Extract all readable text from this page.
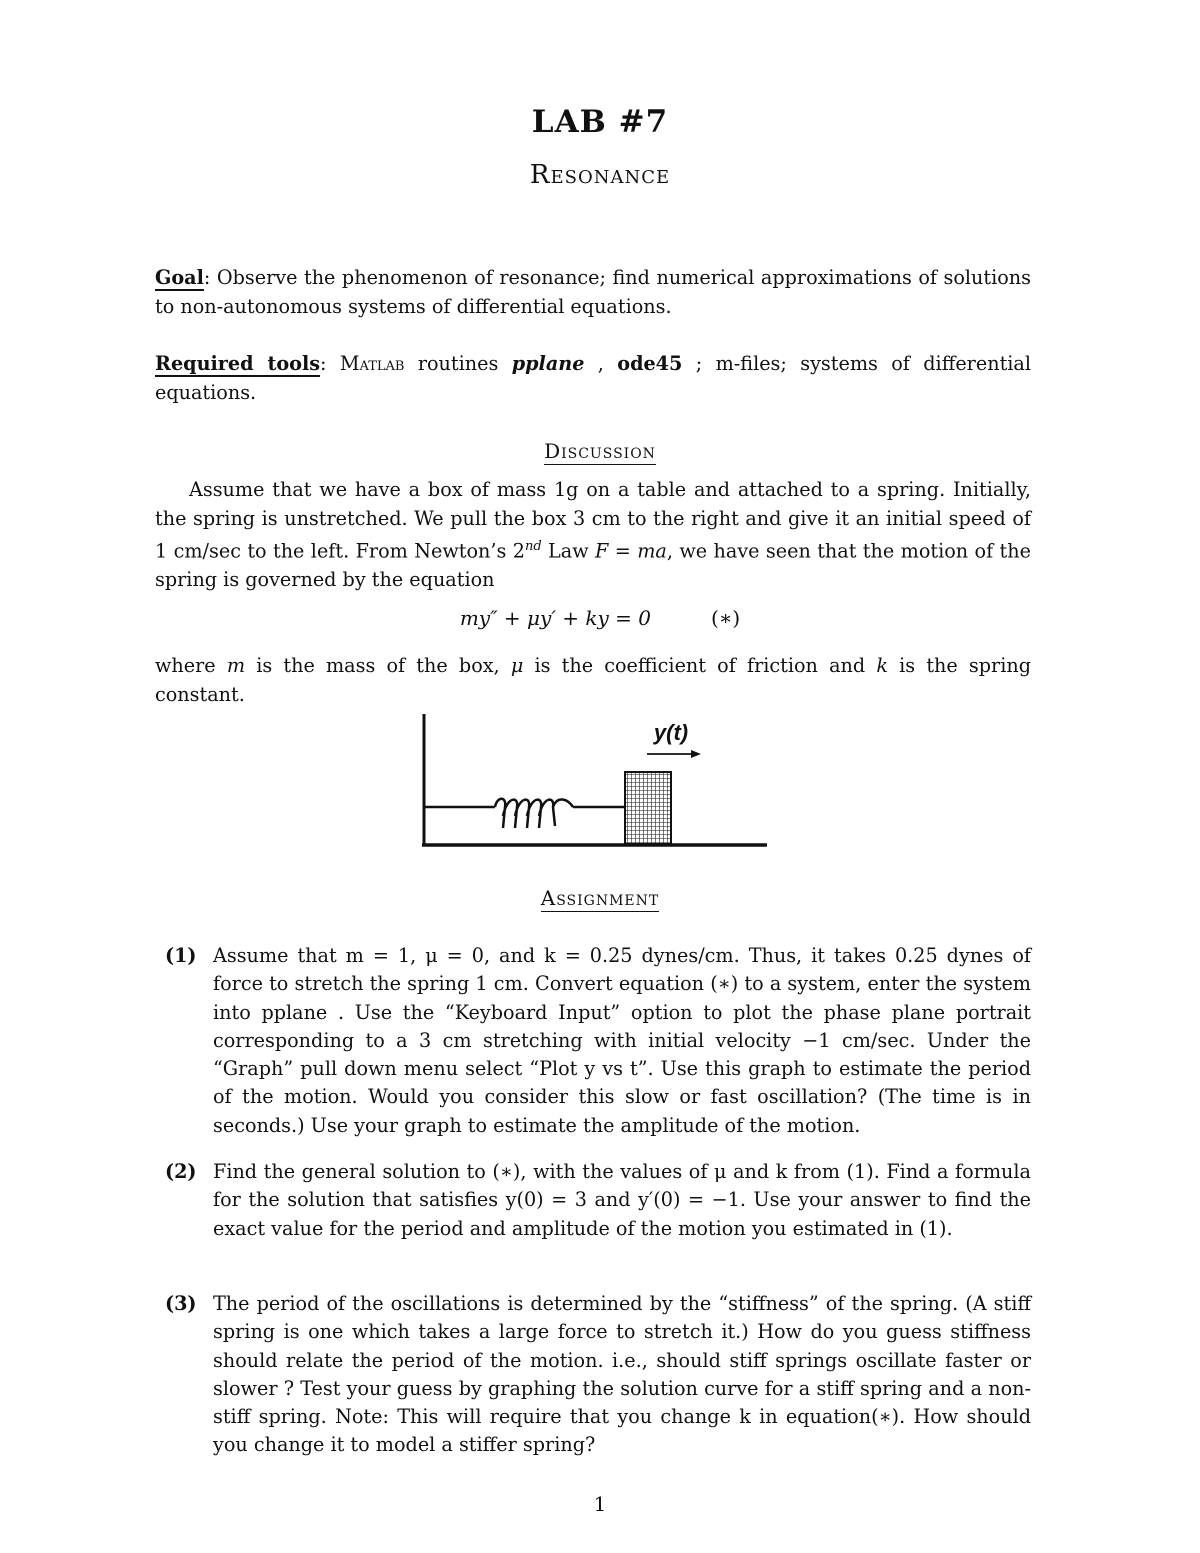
LAB #7
Resonance
Goal: Observe the phenomenon of resonance; find numerical approximations of solutions to non-autonomous systems of differential equations.
Required tools: Matlab routines pplane , ode45 ; m-files; systems of differential equations.
Discussion
Assume that we have a box of mass 1g on a table and attached to a spring. Initially, the spring is unstretched. We pull the box 3 cm to the right and give it an initial speed of 1 cm/sec to the left. From Newton’s 2nd Law F = ma, we have seen that the motion of the spring is governed by the equation
my″ + μy′ + ky = 0	(∗)
where m is the mass of the box, μ is the coefficient of friction and k is the spring constant.
y(t)
Assignment
(1) Assume that m = 1, μ = 0, and k = 0.25 dynes/cm. Thus, it takes 0.25 dynes of force to stretch the spring 1 cm. Convert equation (∗) to a system, enter the system into pplane . Use the “Keyboard Input” option to plot the phase plane portrait corresponding to a 3 cm stretching with initial velocity −1 cm/sec. Under the “Graph” pull down menu select “Plot y vs t”. Use this graph to estimate the period of the motion. Would you consider this slow or fast oscillation? (The time is in seconds.) Use your graph to estimate the amplitude of the motion.
(2) Find the general solution to (∗), with the values of μ and k from (1). Find a formula for the solution that satisfies y(0) = 3 and y′(0) = −1. Use your answer to find the exact value for the period and amplitude of the motion you estimated in (1).
(3) The period of the oscillations is determined by the “stiffness” of the spring. (A stiff spring is one which takes a large force to stretch it.) How do you guess stiffness should relate the period of the motion. i.e., should stiff springs oscillate faster or slower ? Test your guess by graphing the solution curve for a stiff spring and a non-stiff spring. Note: This will require that you change k in equation(∗). How should you change it to model a stiffer spring?
1
